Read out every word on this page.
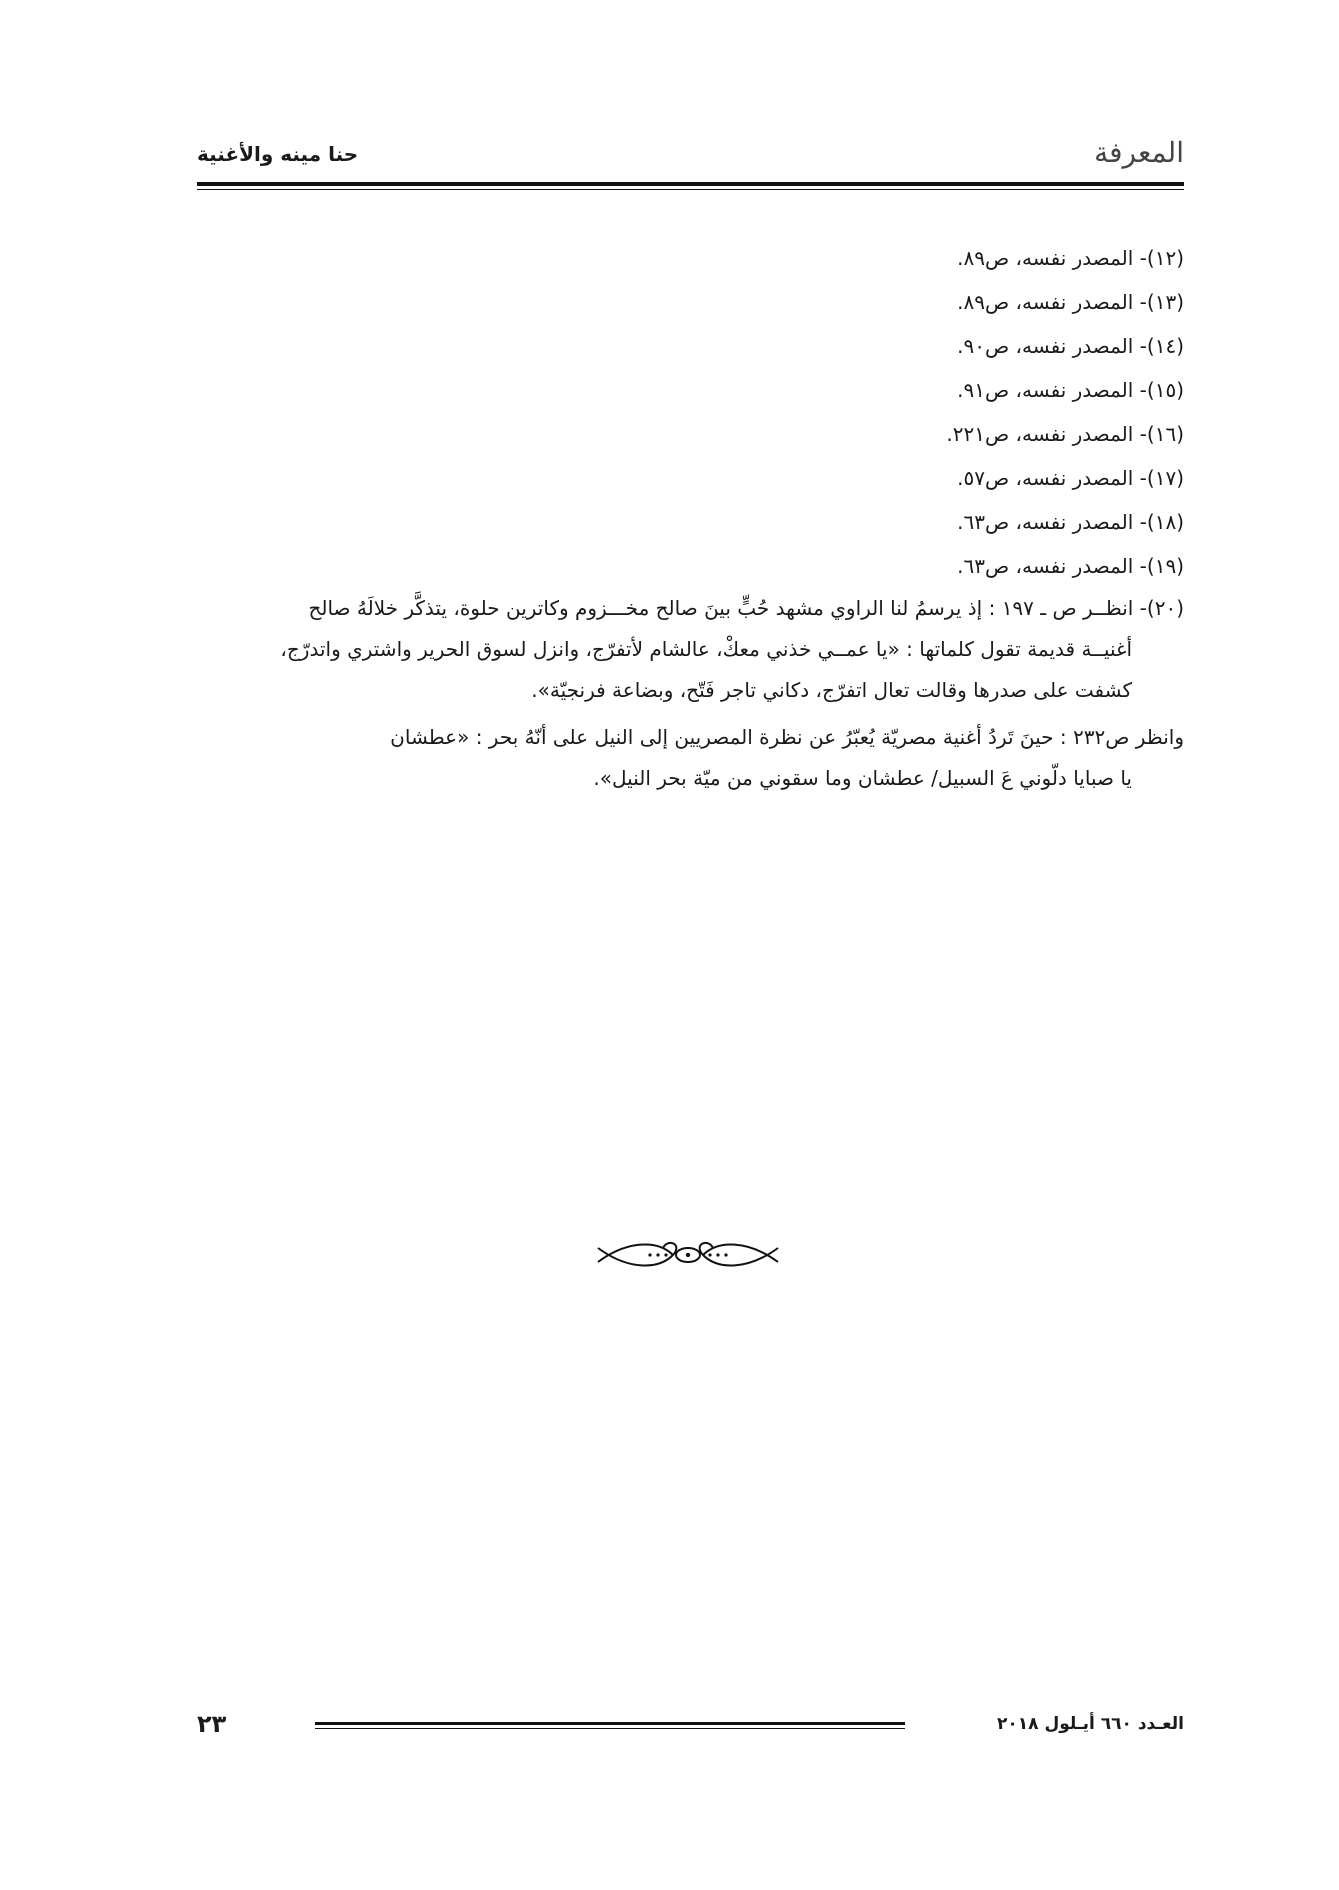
المعرفة
حنا مينه والأغنية

(١٢)- المصدر نفسه، ص٨٩.

(١٣)- المصدر نفسه، ص٨٩.

(١٤)- المصدر نفسه، ص٩٠.

(١٥)- المصدر نفسه، ص٩١.

(١٦)- المصدر نفسه، ص٢٢١.

(١٧)- المصدر نفسه، ص٥٧.

(١٨)- المصدر نفسه، ص٦٣.

(١٩)- المصدر نفسه، ص٦٣.

(٢٠)- انظــر ص ـ ١٩٧ : إذ يرسمُ لنا الراوي مشهد حُبٍّ بينَ صالح مخـــزوم وكاترين حلوة، يتذكَّر خلالَهُ صالح

أغنيــة قديمة تقول كلماتها : «يا عمــي خذني معكْ، عالشام لأتفرّج، وانزل لسوق الحرير واشتري واتدرّج،

كشفت على صدرها وقالت تعال اتفرّج، دكاني تاجر فَتّح، وبضاعة فرنجيّة».

وانظر ص٢٣٢ : حينَ تَردُ أغنية مصريّة يُعبّرُ عن نظرة المصريين إلى النيل على أنّهُ بحر : «عطشان

يا صبايا دلّوني عَ السبيل/ عطشان وما سقوني من ميّة بحر النيل».

العـدد ٦٦٠ أيـلول ٢٠١٨
٢٣
